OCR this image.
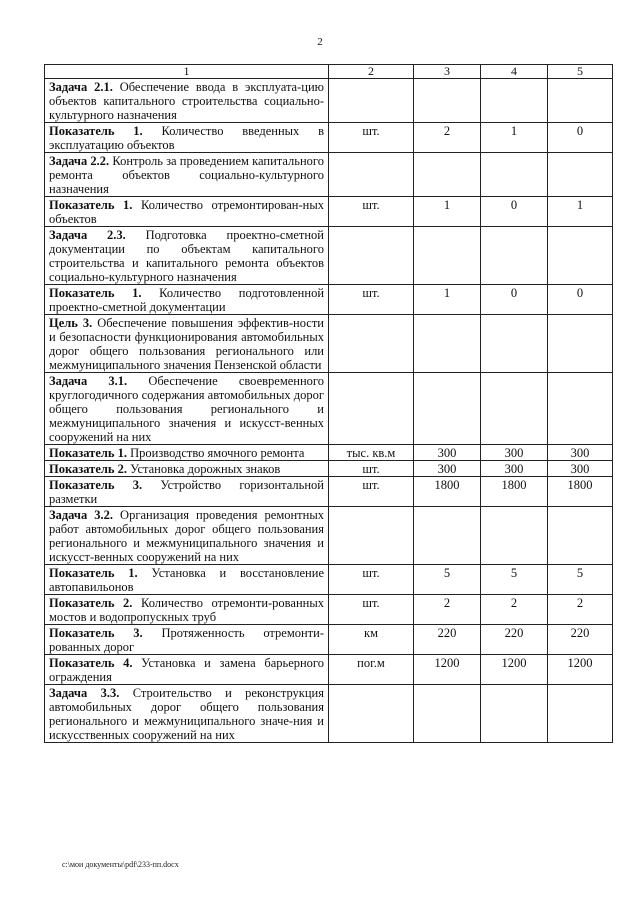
2
1	2	3	4	5
Задача 2.1. Обеспечение ввода в эксплуата-цию объектов капитального строительства социально-культурного назначения				
Показатель 1. Количество введенных в эксплуатацию объектов	шт.	2	1	0
Задача 2.2. Контроль за проведением капитального ремонта объектов социально-культурного назначения				
Показатель 1. Количество отремонтирован-ных объектов	шт.	1	0	1
Задача 2.3. Подготовка проектно-сметной документации по объектам капитального строительства и капитального ремонта объектов социально-культурного назначения				
Показатель 1. Количество подготовленной проектно-сметной документации	шт.	1	0	0
Цель 3. Обеспечение повышения эффектив-ности и безопасности функционирования автомобильных дорог общего пользования регионального или межмуниципального значения Пензенской области				
Задача 3.1. Обеспечение своевременного круглогодичного содержания автомобильных дорог общего пользования регионального и межмуниципального значения и искусст-венных сооружений на них				
Показатель 1. Производство ямочного ремонта	тыс. кв.м	300	300	300
Показатель 2. Установка дорожных знаков	шт.	300	300	300
Показатель 3. Устройство горизонтальной разметки	шт.	1800	1800	1800
Задача 3.2. Организация проведения ремонтных работ автомобильных дорог общего пользования регионального и межмуниципального значения и искусст-венных сооружений на них				
Показатель 1. Установка и восстановление автопавильонов	шт.	5	5	5
Показатель 2. Количество отремонти-рованных мостов и водопропускных труб	шт.	2	2	2
Показатель 3. Протяженность отремонти-рованных дорог	км	220	220	220
Показатель 4. Установка и замена барьерного ограждения	пог.м	1200	1200	1200
Задача 3.3. Строительство и реконструкция автомобильных дорог общего пользования регионального и межмуниципального значе-ния и искусственных сооружений на них				
c:\мои документы\pdf\233-пп.docx
